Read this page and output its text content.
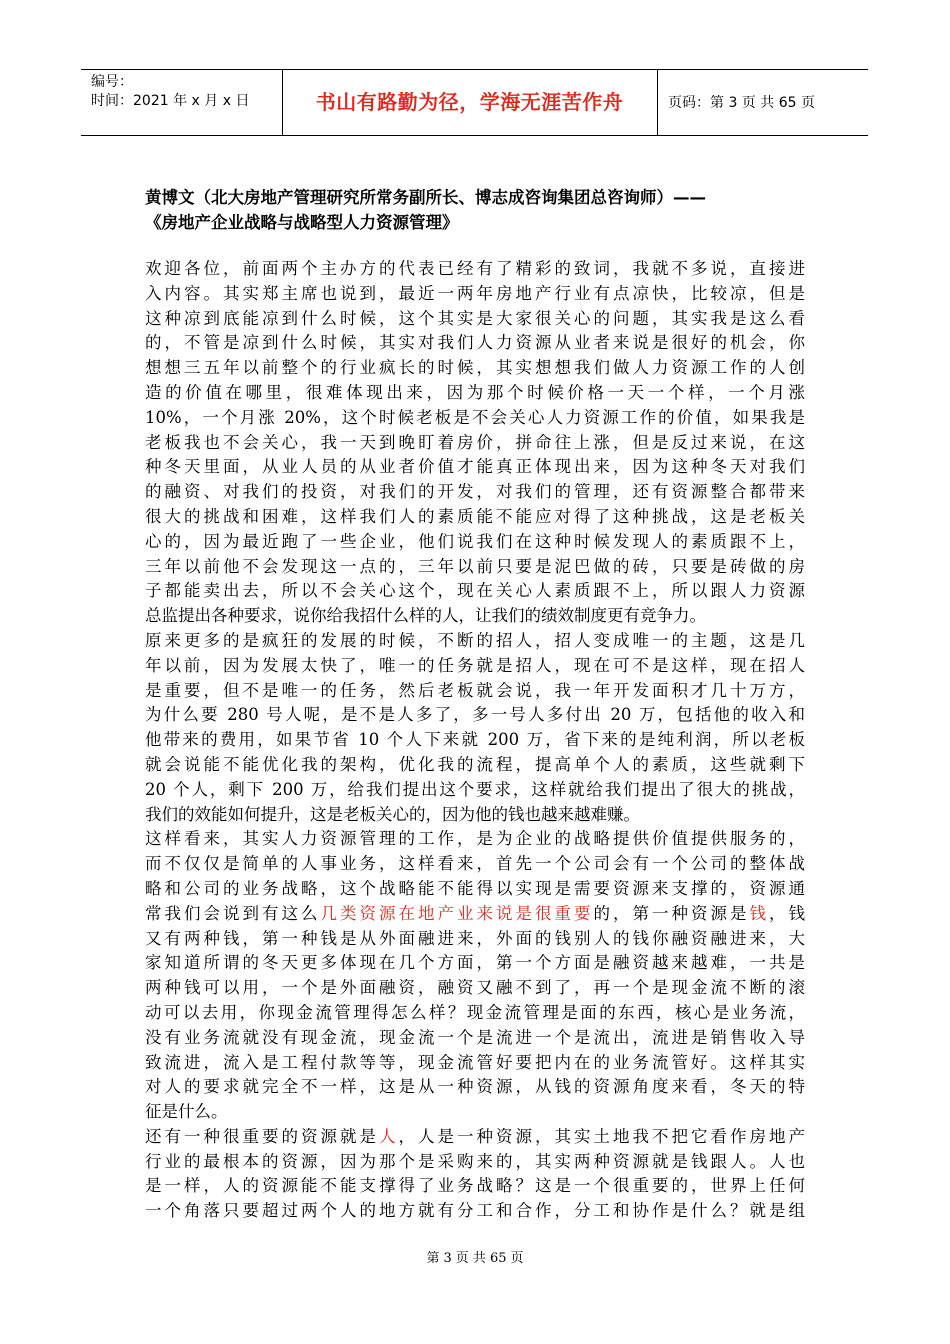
编号：
时间：2021 年 x 月 x 日	书山有路勤为径，学海无涯苦作舟	页码：第 3 页 共 65 页
黄博文（北大房地产管理研究所常务副所长、博志成咨询集团总咨询师）——
《房地产企业战略与战略型人力资源管理》
欢迎各位，前面两个主办方的代表已经有了精彩的致词，我就不多说，直接进
入内容。其实郑主席也说到，最近一两年房地产行业有点凉快，比较凉，但是
这种凉到底能凉到什么时候，这个其实是大家很关心的问题，其实我是这么看
的，不管是凉到什么时候，其实对我们人力资源从业者来说是很好的机会，你
想想三五年以前整个的行业疯长的时候，其实想想我们做人力资源工作的人创
造的价值在哪里，很难体现出来，因为那个时候价格一天一个样，一个月涨
10%，一个月涨 20%，这个时候老板是不会关心人力资源工作的价值，如果我是
老板我也不会关心，我一天到晚盯着房价，拼命往上涨，但是反过来说，在这
种冬天里面，从业人员的从业者价值才能真正体现出来，因为这种冬天对我们
的融资、对我们的投资，对我们的开发，对我们的管理，还有资源整合都带来
很大的挑战和困难，这样我们人的素质能不能应对得了这种挑战，这是老板关
心的，因为最近跑了一些企业，他们说我们在这种时候发现人的素质跟不上，
三年以前他不会发现这一点的，三年以前只要是泥巴做的砖，只要是砖做的房
子都能卖出去，所以不会关心这个，现在关心人素质跟不上，所以跟人力资源
总监提出各种要求，说你给我招什么样的人，让我们的绩效制度更有竞争力。
原来更多的是疯狂的发展的时候，不断的招人，招人变成唯一的主题，这是几
年以前，因为发展太快了，唯一的任务就是招人，现在可不是这样，现在招人
是重要，但不是唯一的任务，然后老板就会说，我一年开发面积才几十万方，
为什么要 280 号人呢，是不是人多了，多一号人多付出 20 万，包括他的收入和
他带来的费用，如果节省 10 个人下来就 200 万，省下来的是纯利润，所以老板
就会说能不能优化我的架构，优化我的流程，提高单个人的素质，这些就剩下
20 个人，剩下 200 万，给我们提出这个要求，这样就给我们提出了很大的挑战，
我们的效能如何提升，这是老板关心的，因为他的钱也越来越难赚。
这样看来，其实人力资源管理的工作，是为企业的战略提供价值提供服务的，
而不仅仅是简单的人事业务，这样看来，首先一个公司会有一个公司的整体战
略和公司的业务战略，这个战略能不能得以实现是需要资源来支撑的，资源通
常我们会说到有这么几类资源在地产业来说是很重要的，第一种资源是钱，钱
又有两种钱，第一种钱是从外面融进来，外面的钱别人的钱你融资融进来，大
家知道所谓的冬天更多体现在几个方面，第一个方面是融资越来越难，一共是
两种钱可以用，一个是外面融资，融资又融不到了，再一个是现金流不断的滚
动可以去用，你现金流管理得怎么样？现金流管理是面的东西，核心是业务流，
没有业务流就没有现金流，现金流一个是流进一个是流出，流进是销售收入导
致流进，流入是工程付款等等，现金流管好要把内在的业务流管好。这样其实
对人的要求就完全不一样，这是从一种资源，从钱的资源角度来看，冬天的特
征是什么。
还有一种很重要的资源就是人，人是一种资源，其实土地我不把它看作房地产
行业的最根本的资源，因为那个是采购来的，其实两种资源就是钱跟人。人也
是一样，人的资源能不能支撑得了业务战略？这是一个很重要的，世界上任何
一个角落只要超过两个人的地方就有分工和合作，分工和协作是什么？就是组
第 3 页 共 65 页
